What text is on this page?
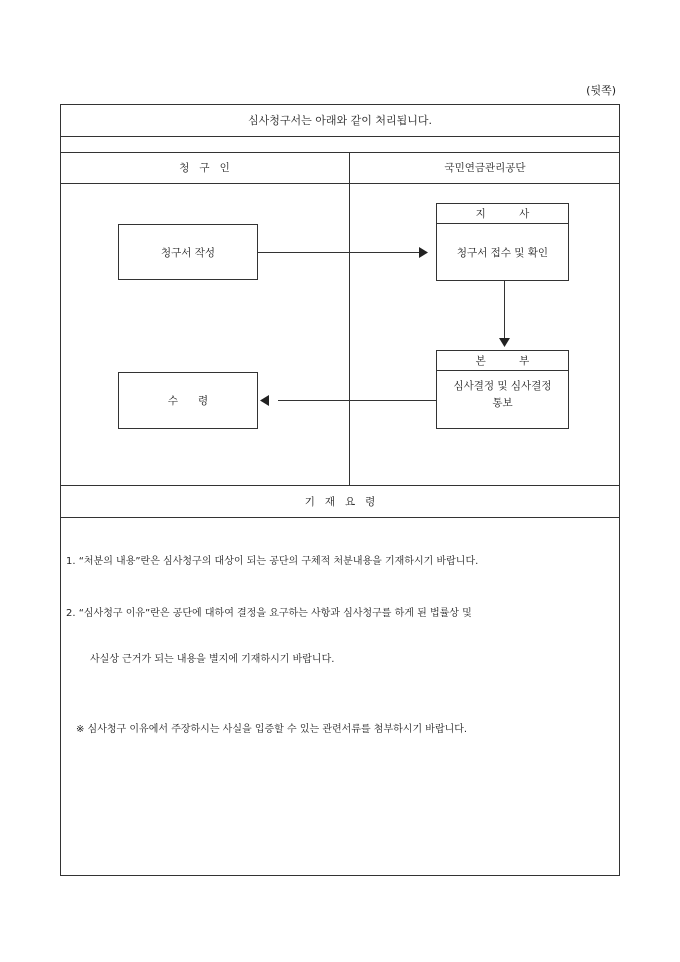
(뒷쪽)
심사청구서는 아래와 같이 처리됩니다.
청   구   인	국민연금관리공단
청구서 작성
지          사
청구서 접수 및 확인
본          부
심사결정 및 심사결정
통보
수      령
기   재   요   령
1. “처분의 내용”란은 심사청구의 대상이 되는 공단의 구체적 처분내용을 기재하시기 바랍니다.
2. “심사청구 이유”란은 공단에 대하여 결정을 요구하는 사항과 심사청구를 하게 된 법률상 및
사실상 근거가 되는 내용을 별지에 기재하시기 바랍니다.
※ 심사청구 이유에서 주장하시는 사실을 입증할 수 있는 관련서류를 첨부하시기 바랍니다.
